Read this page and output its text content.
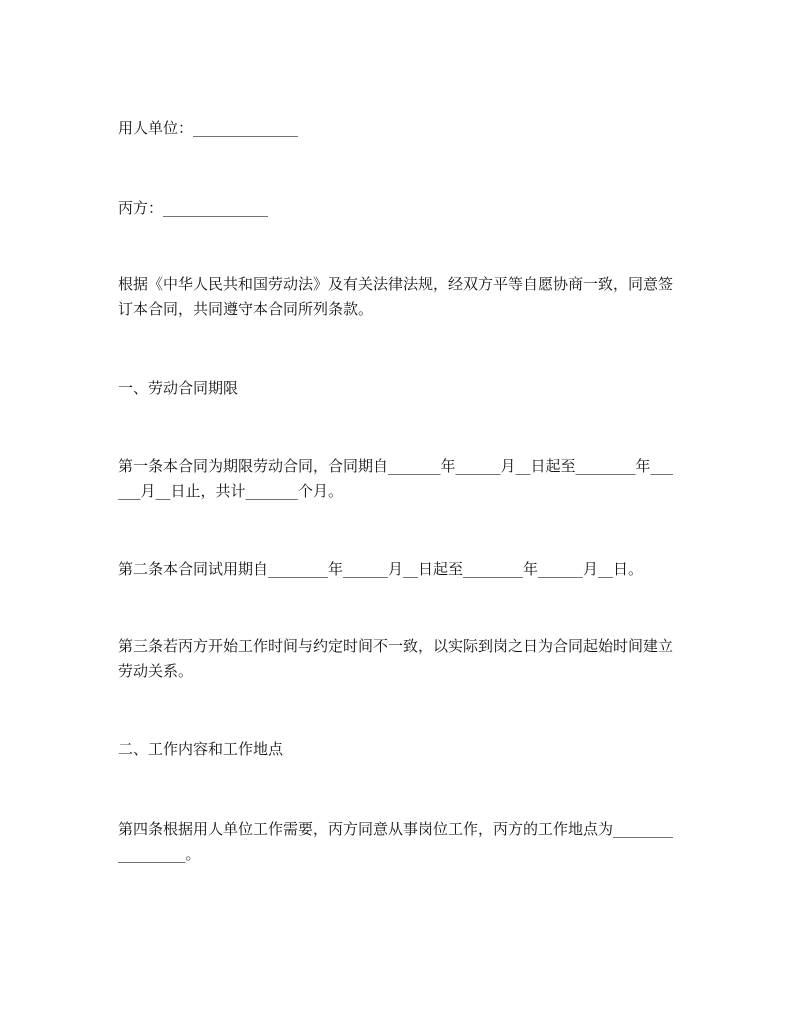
用人单位：______________

丙方：______________

根据《中华人民共和国劳动法》及有关法律法规，经双方平等自愿协商一致，同意签订本合同，共同遵守本合同所列条款。

一、劳动合同期限

第一条本合同为期限劳动合同，合同期自_______年______月__日起至________年______月__日止，共计_______个月。

第二条本合同试用期自________年______月__日起至________年______月__日。

第三条若丙方开始工作时间与约定时间不一致，以实际到岗之日为合同起始时间建立劳动关系。

二、工作内容和工作地点

第四条根据用人单位工作需要，丙方同意从事岗位工作，丙方的工作地点为_________________。
